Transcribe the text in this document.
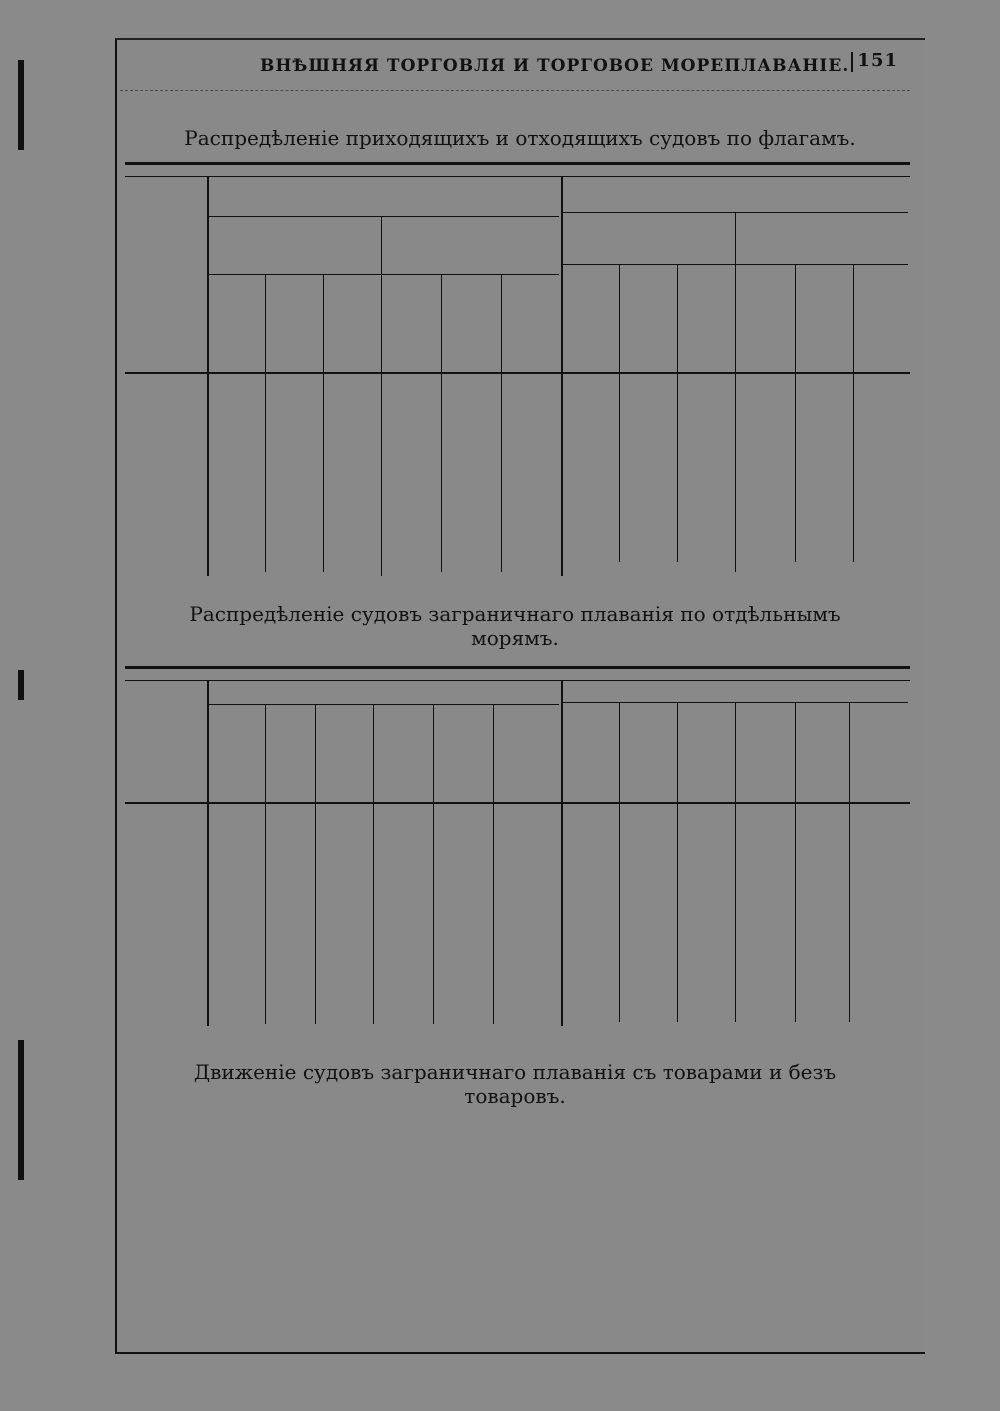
ВНѢШНЯЯ ТОРГОВЛЯ И ТОРГОВОЕ МОРЕПЛАВАНІЕ. 151
Распредѣленіе приходящихъ и отходящихъ судовъ по флагамъ.
Распредѣленіе судовъ заграничнаго плаванія по отдѣльнымъ морямъ.
Движеніе судовъ заграничнаго плаванія съ товарами и безъ товаровъ.
